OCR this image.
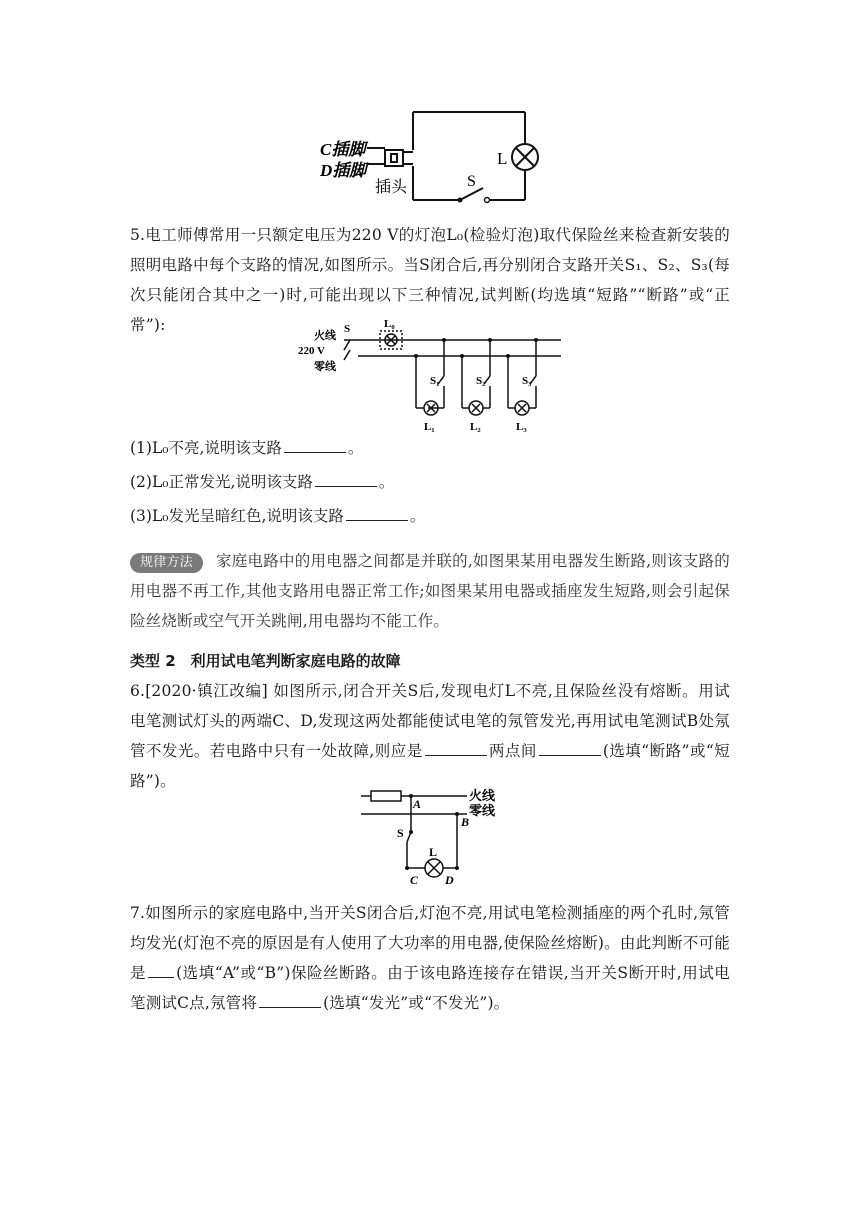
C插脚
D插脚
插头	S
L
5.电工师傅常用一只额定电压为220 V的灯泡L₀(检验灯泡)取代保险丝来检查新安装的照明电路中每个支路的情况,如图所示。当S闭合后,再分别闭合支路开关S₁、S₂、S₃(每次只能闭合其中之一)时,可能出现以下三种情况,试判断(均选填“短路”“断路”或“正常”):
火线
220 V
零线
S	L₀
S₁	S₂	S₃
L₁	L₂	L₃
(1)L₀不亮,说明该支路	。
(2)L₀正常发光,说明该支路	。
(3)L₀发光呈暗红色,说明该支路	。
规律方法 家庭电路中的用电器之间都是并联的,如图果某用电器发生断路,则该支路的用电器不再工作,其他支路用电器正常工作;如图果某用电器或插座发生短路,则会引起保险丝烧断或空气开关跳闸,用电器均不能工作。
类型 2　利用试电笔判断家庭电路的故障
6.[2020·镇江改编] 如图所示,闭合开关S后,发现电灯L不亮,且保险丝没有熔断。用试电笔测试灯头的两端C、D,发现这两处都能使试电笔的氖管发光,再用试电笔测试B处氖管不发光。若电路中只有一处故障,则应是	两点间	(选填“断路”或“短路”)。
火线
零线
A
B
S
L
C D
7.如图所示的家庭电路中,当开关S闭合后,灯泡不亮,用试电笔检测插座的两个孔时,氖管均发光(灯泡不亮的原因是有人使用了大功率的用电器,使保险丝熔断)。由此判断不可能是 (选填“A”或“B”)保险丝断路。由于该电路连接存在错误,当开关S断开时,用试电笔测试C点,氖管将	(选填“发光”或“不发光”)。
